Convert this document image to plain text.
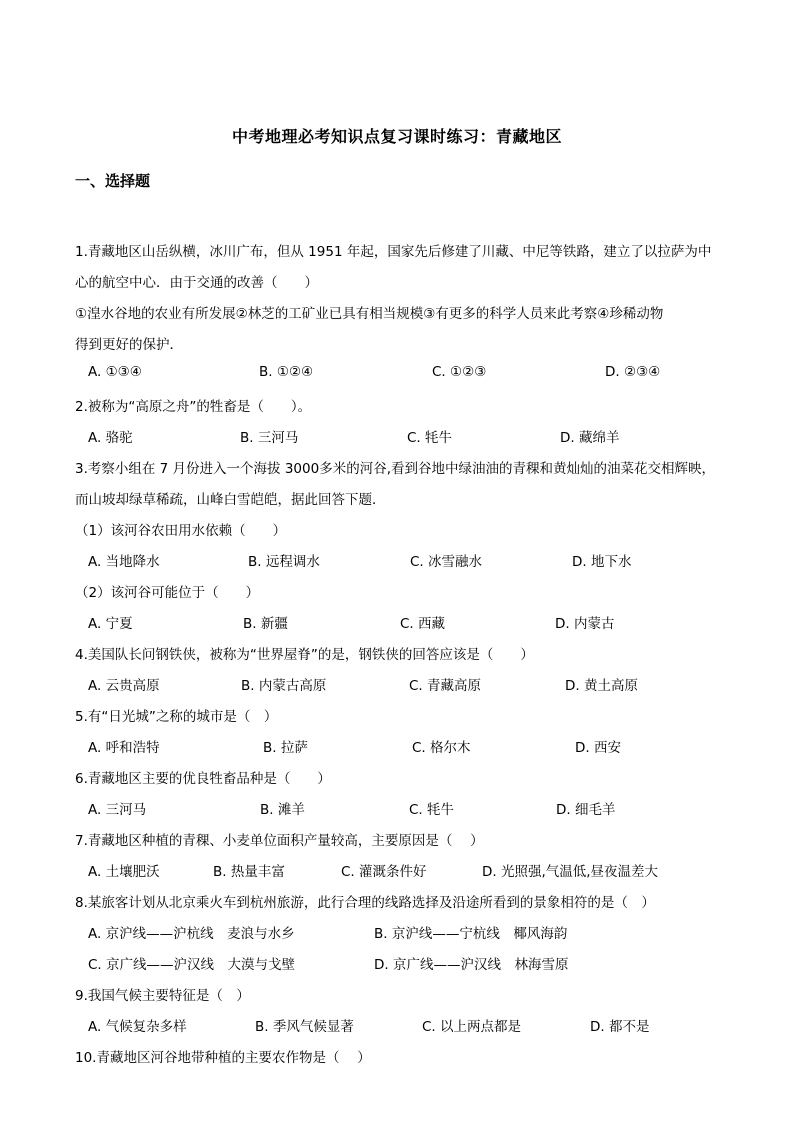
中考地理必考知识点复习课时练习：青藏地区
一、选择题
1.青藏地区山岳纵横，冰川广布，但从 1951 年起，国家先后修建了川藏、中尼等铁路，建立了以拉萨为中
心的航空中心．由于交通的改善（　　）
①湟水谷地的农业有所发展②林芝的工矿业已具有相当规模③有更多的科学人员来此考察④珍稀动物
得到更好的保护．
A. ①③④	B. ①②④	C. ①②③	D. ②③④
2.被称为“高原之舟”的牲畜是（　　）。
A. 骆驼	B. 三河马	C. 牦牛	D. 藏绵羊
3.考察小组在 7 月份进入一个海拔 3000多米的河谷,看到谷地中绿油油的青稞和黄灿灿的油菜花交相辉映，
而山坡却绿草稀疏，山峰白雪皑皑，据此回答下题．
（1）该河谷农田用水依赖（　　）
A. 当地降水	B. 远程调水	C. 冰雪融水	D. 地下水
（2）该河谷可能位于（　　）
A. 宁夏	B. 新疆	C. 西藏	D. 内蒙古
4.美国队长问钢铁侠，被称为“世界屋脊”的是，钢铁侠的回答应该是（　　）
A. 云贵高原	B. 内蒙古高原	C. 青藏高原	D. 黄土高原
5.有“日光城”之称的城市是（　）
A. 呼和浩特	B. 拉萨	C. 格尔木	D. 西安
6.青藏地区主要的优良牲畜品种是（　　）
A. 三河马	B. 滩羊	C. 牦牛	D. 细毛羊
7.青藏地区种植的青稞、小麦单位面积产量较高，主要原因是（　 ）
A. 土壤肥沃	B. 热量丰富	C. 灌溉条件好	D. 光照强,气温低,昼夜温差大
8.某旅客计划从北京乘火车到杭州旅游，此行合理的线路选择及沿途所看到的景象相符的是（　）
A. 京沪线——沪杭线　麦浪与水乡	B. 京沪线——宁杭线　椰风海韵
C. 京广线——沪汉线　大漠与戈壁	D. 京广线——沪汉线　林海雪原
9.我国气候主要特征是（　）
A. 气候复杂多样	B. 季风气候显著	C. 以上两点都是	D. 都不是
10.青藏地区河谷地带种植的主要农作物是（　 ）
